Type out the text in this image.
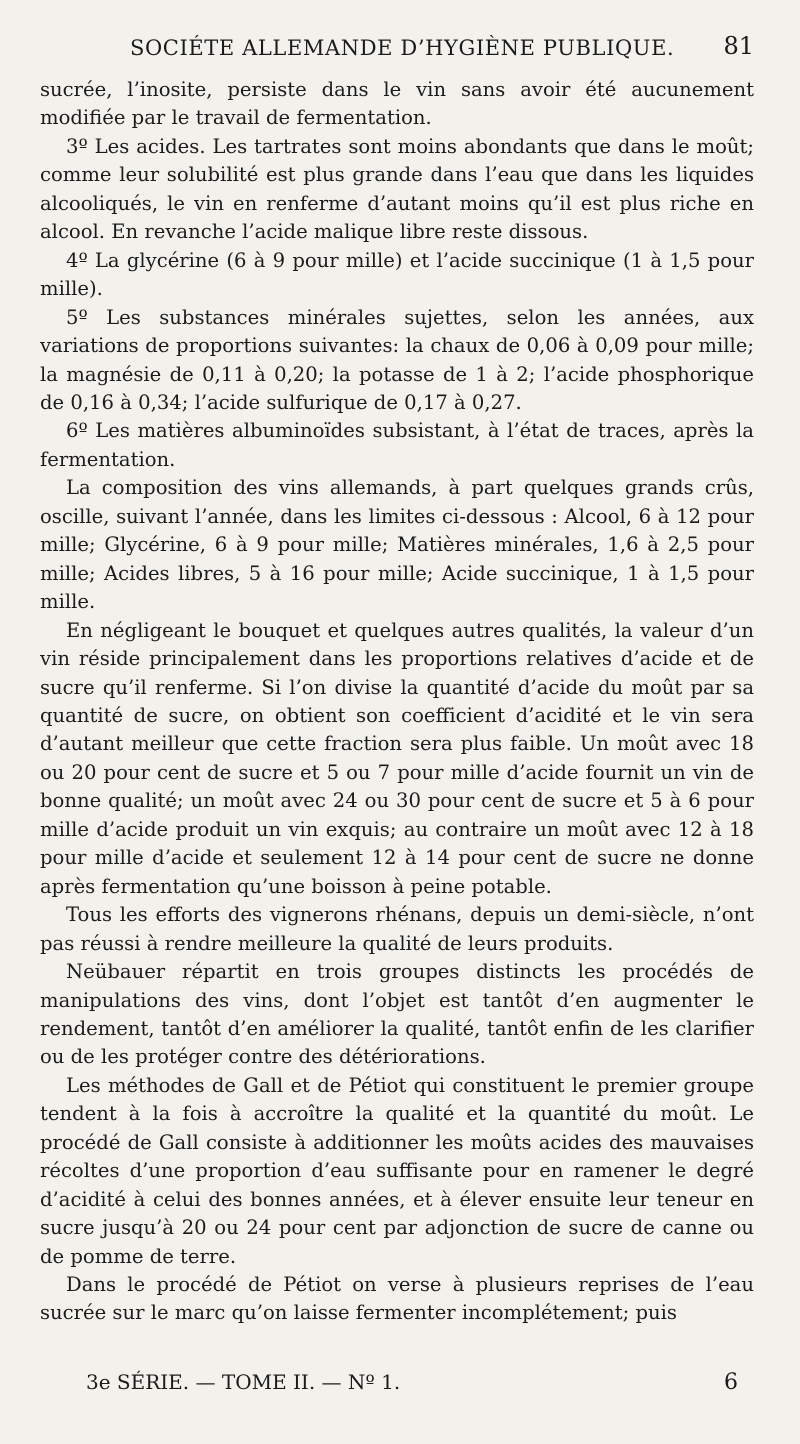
SOCIÉTE ALLEMANDE D’HYGIÈNE PUBLIQUE. 81

sucrée, l’inosite, persiste dans le vin sans avoir été aucunement modifiée par le travail de fermentation.

3º Les acides. Les tartrates sont moins abondants que dans le moût; comme leur solubilité est plus grande dans l’eau que dans les liquides alcooliqués, le vin en renferme d’autant moins qu’il est plus riche en alcool. En revanche l’acide malique libre reste dissous.

4º La glycérine (6 à 9 pour mille) et l’acide succinique (1 à 1,5 pour mille).

5º Les substances minérales sujettes, selon les années, aux variations de proportions suivantes: la chaux de 0,06 à 0,09 pour mille; la magnésie de 0,11 à 0,20; la potasse de 1 à 2; l’acide phosphorique de 0,16 à 0,34; l’acide sulfurique de 0,17 à 0,27.

6º Les matières albuminoïdes subsistant, à l’état de traces, après la fermentation.

La composition des vins allemands, à part quelques grands crûs, oscille, suivant l’année, dans les limites ci-dessous : Alcool, 6 à 12 pour mille; Glycérine, 6 à 9 pour mille; Matières minérales, 1,6 à 2,5 pour mille; Acides libres, 5 à 16 pour mille; Acide succinique, 1 à 1,5 pour mille.

En négligeant le bouquet et quelques autres qualités, la valeur d’un vin réside principalement dans les proportions relatives d’acide et de sucre qu’il renferme. Si l’on divise la quantité d’acide du moût par sa quantité de sucre, on obtient son coefficient d’acidité et le vin sera d’autant meilleur que cette fraction sera plus faible. Un moût avec 18 ou 20 pour cent de sucre et 5 ou 7 pour mille d’acide fournit un vin de bonne qualité; un moût avec 24 ou 30 pour cent de sucre et 5 à 6 pour mille d’acide produit un vin exquis; au contraire un moût avec 12 à 18 pour mille d’acide et seulement 12 à 14 pour cent de sucre ne donne après fermentation qu’une boisson à peine potable.

Tous les efforts des vignerons rhénans, depuis un demi-siècle, n’ont pas réussi à rendre meilleure la qualité de leurs produits.

Neübauer répartit en trois groupes distincts les procédés de manipulations des vins, dont l’objet est tantôt d’en augmenter le rendement, tantôt d’en améliorer la qualité, tantôt enfin de les clarifier ou de les protéger contre des détériorations.

Les méthodes de Gall et de Pétiot qui constituent le premier groupe tendent à la fois à accroître la qualité et la quantité du moût. Le procédé de Gall consiste à additionner les moûts acides des mauvaises récoltes d’une proportion d’eau suffisante pour en ramener le degré d’acidité à celui des bonnes années, et à élever ensuite leur teneur en sucre jusqu’à 20 ou 24 pour cent par adjonction de sucre de canne ou de pomme de terre.

Dans le procédé de Pétiot on verse à plusieurs reprises de l’eau sucrée sur le marc qu’on laisse fermenter incomplétement; puis

3e SÉRIE. — TOME II. — Nº 1.	6
